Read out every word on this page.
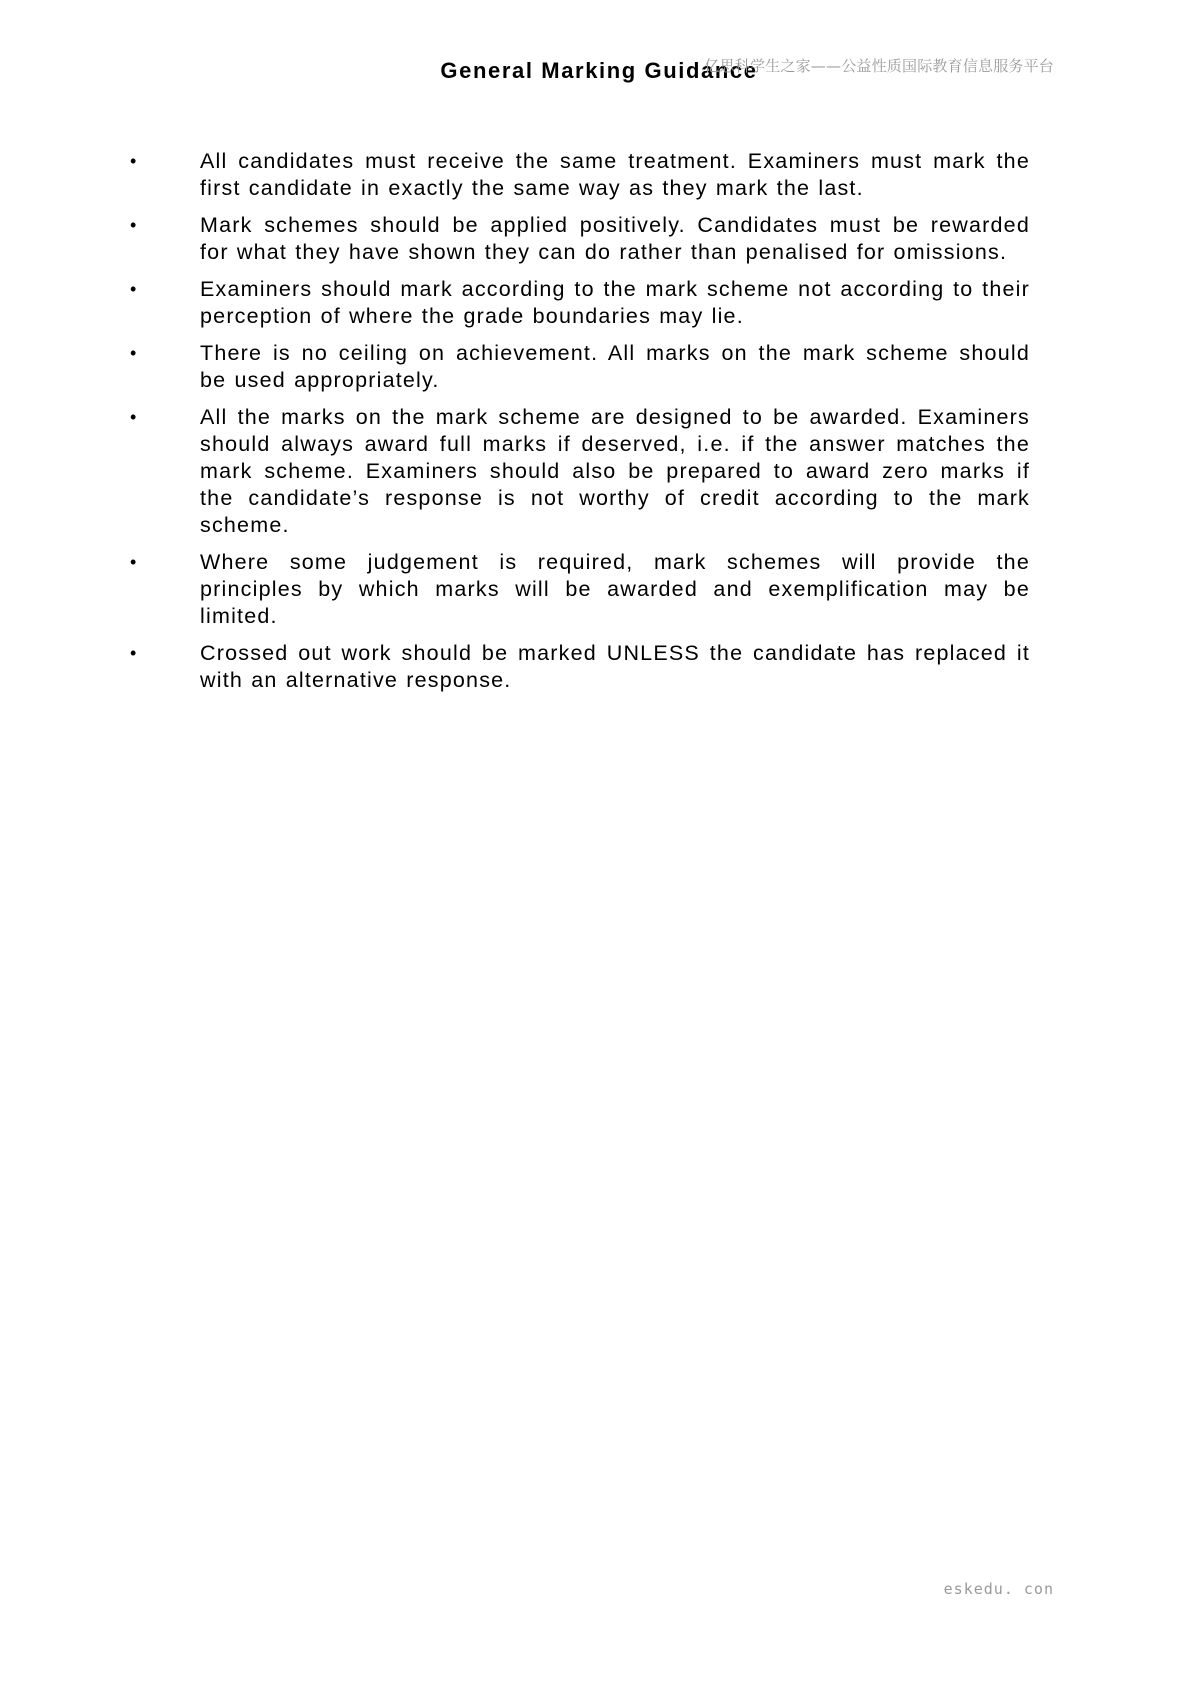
General Marking Guidance
亿思科学生之家——公益性质国际教育信息服务平台
•	All candidates must receive the same treatment. Examiners must mark the first candidate in exactly the same way as they mark the last.
•	Mark schemes should be applied positively. Candidates must be rewarded for what they have shown they can do rather than penalised for omissions.
•	Examiners should mark according to the mark scheme not according to their perception of where the grade boundaries may lie.
•	There is no ceiling on achievement. All marks on the mark scheme should be used appropriately.
•	All the marks on the mark scheme are designed to be awarded. Examiners should always award full marks if deserved, i.e. if the answer matches the mark scheme. Examiners should also be prepared to award zero marks if the candidate’s response is not worthy of credit according to the mark scheme.
•	Where some judgement is required, mark schemes will provide the principles by which marks will be awarded and exemplification may be limited.
•	Crossed out work should be marked UNLESS the candidate has replaced it with an alternative response.
eskedu. con
